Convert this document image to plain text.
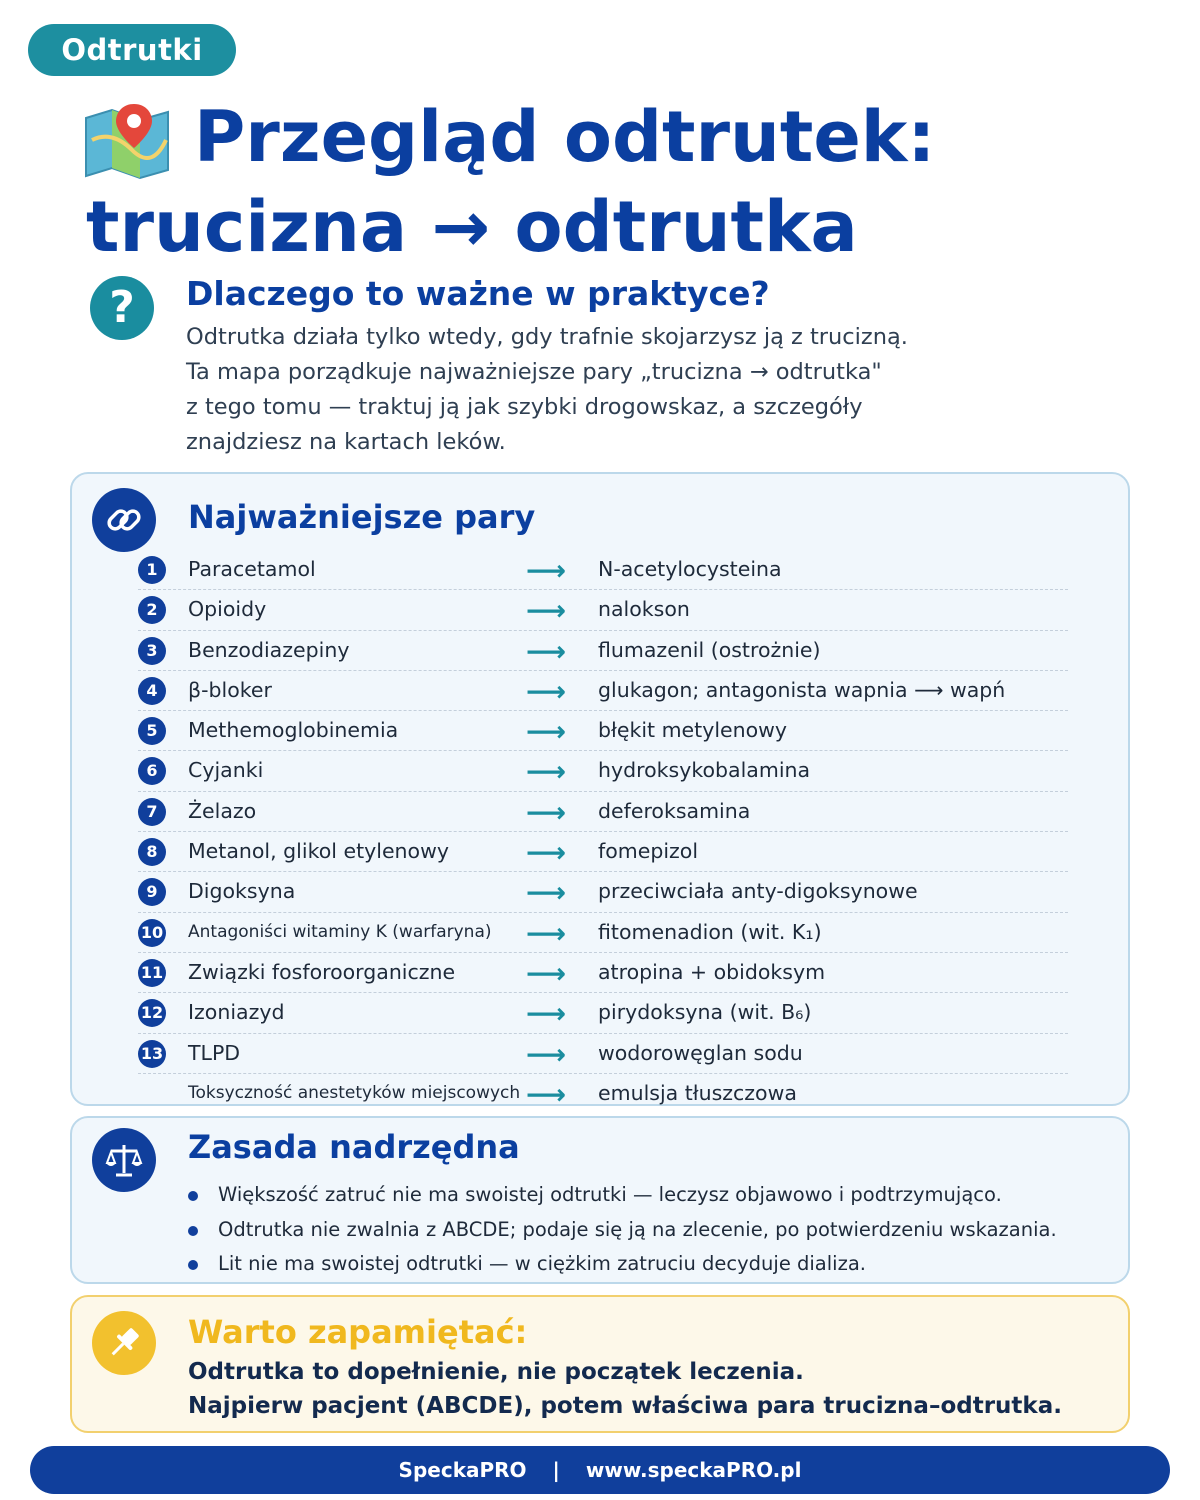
Odtrutki
Przegląd odtrutek:
trucizna → odtrutka
?	Dlaczego to ważne w praktyce?

Odtrutka działa tylko wtedy, gdy trafnie skojarzysz ją z trucizną.
Ta mapa porządkuje najważniejsze pary „trucizna → odtrutka"
z tego tomu — traktuj ją jak szybki drogowskaz, a szczegóły
znajdziesz na kartach leków.

Najważniejsze pary
1	Paracetamol	⟶ N-acetylocysteina
2	Opioidy	⟶ nalokson
3	Benzodiazepiny	⟶ flumazenil (ostrożnie)
4	β-bloker	⟶ glukagon; antagonista wapnia ⟶ wapń
5	Methemoglobinemia	⟶ błękit metylenowy
6	Cyjanki	⟶ hydroksykobalamina
7	Żelazo	⟶ deferoksamina
8	Metanol, glikol etylenowy	⟶ fomepizol
9	Digoksyna	⟶ przeciwciała anty-digoksynowe
10 Antagoniści witaminy K (warfaryna) ⟶ fitomenadion (wit. K₁)
11 Związki fosforoorganiczne	⟶ atropina + obidoksym
12 Izoniazyd	⟶ pirydoksyna (wit. B₆)
13 TLPD	⟶ wodorowęglan sodu
Toksyczność anestetyków miejscowych ⟶ emulsja tłuszczowa
Zasada nadrzędna
Większość zatruć nie ma swoistej odtrutki — leczysz objawowo i podtrzymująco.
Odtrutka nie zwalnia z ABCDE; podaje się ją na zlecenie, po potwierdzeniu wskazania.
Lit nie ma swoistej odtrutki — w ciężkim zatruciu decyduje dializa.
Warto zapamiętać:

Odtrutka to dopełnienie, nie początek leczenia.
Najpierw pacjent (ABCDE), potem właściwa para trucizna–odtrutka.

SpeckaPRO | www.speckaPRO.pl
